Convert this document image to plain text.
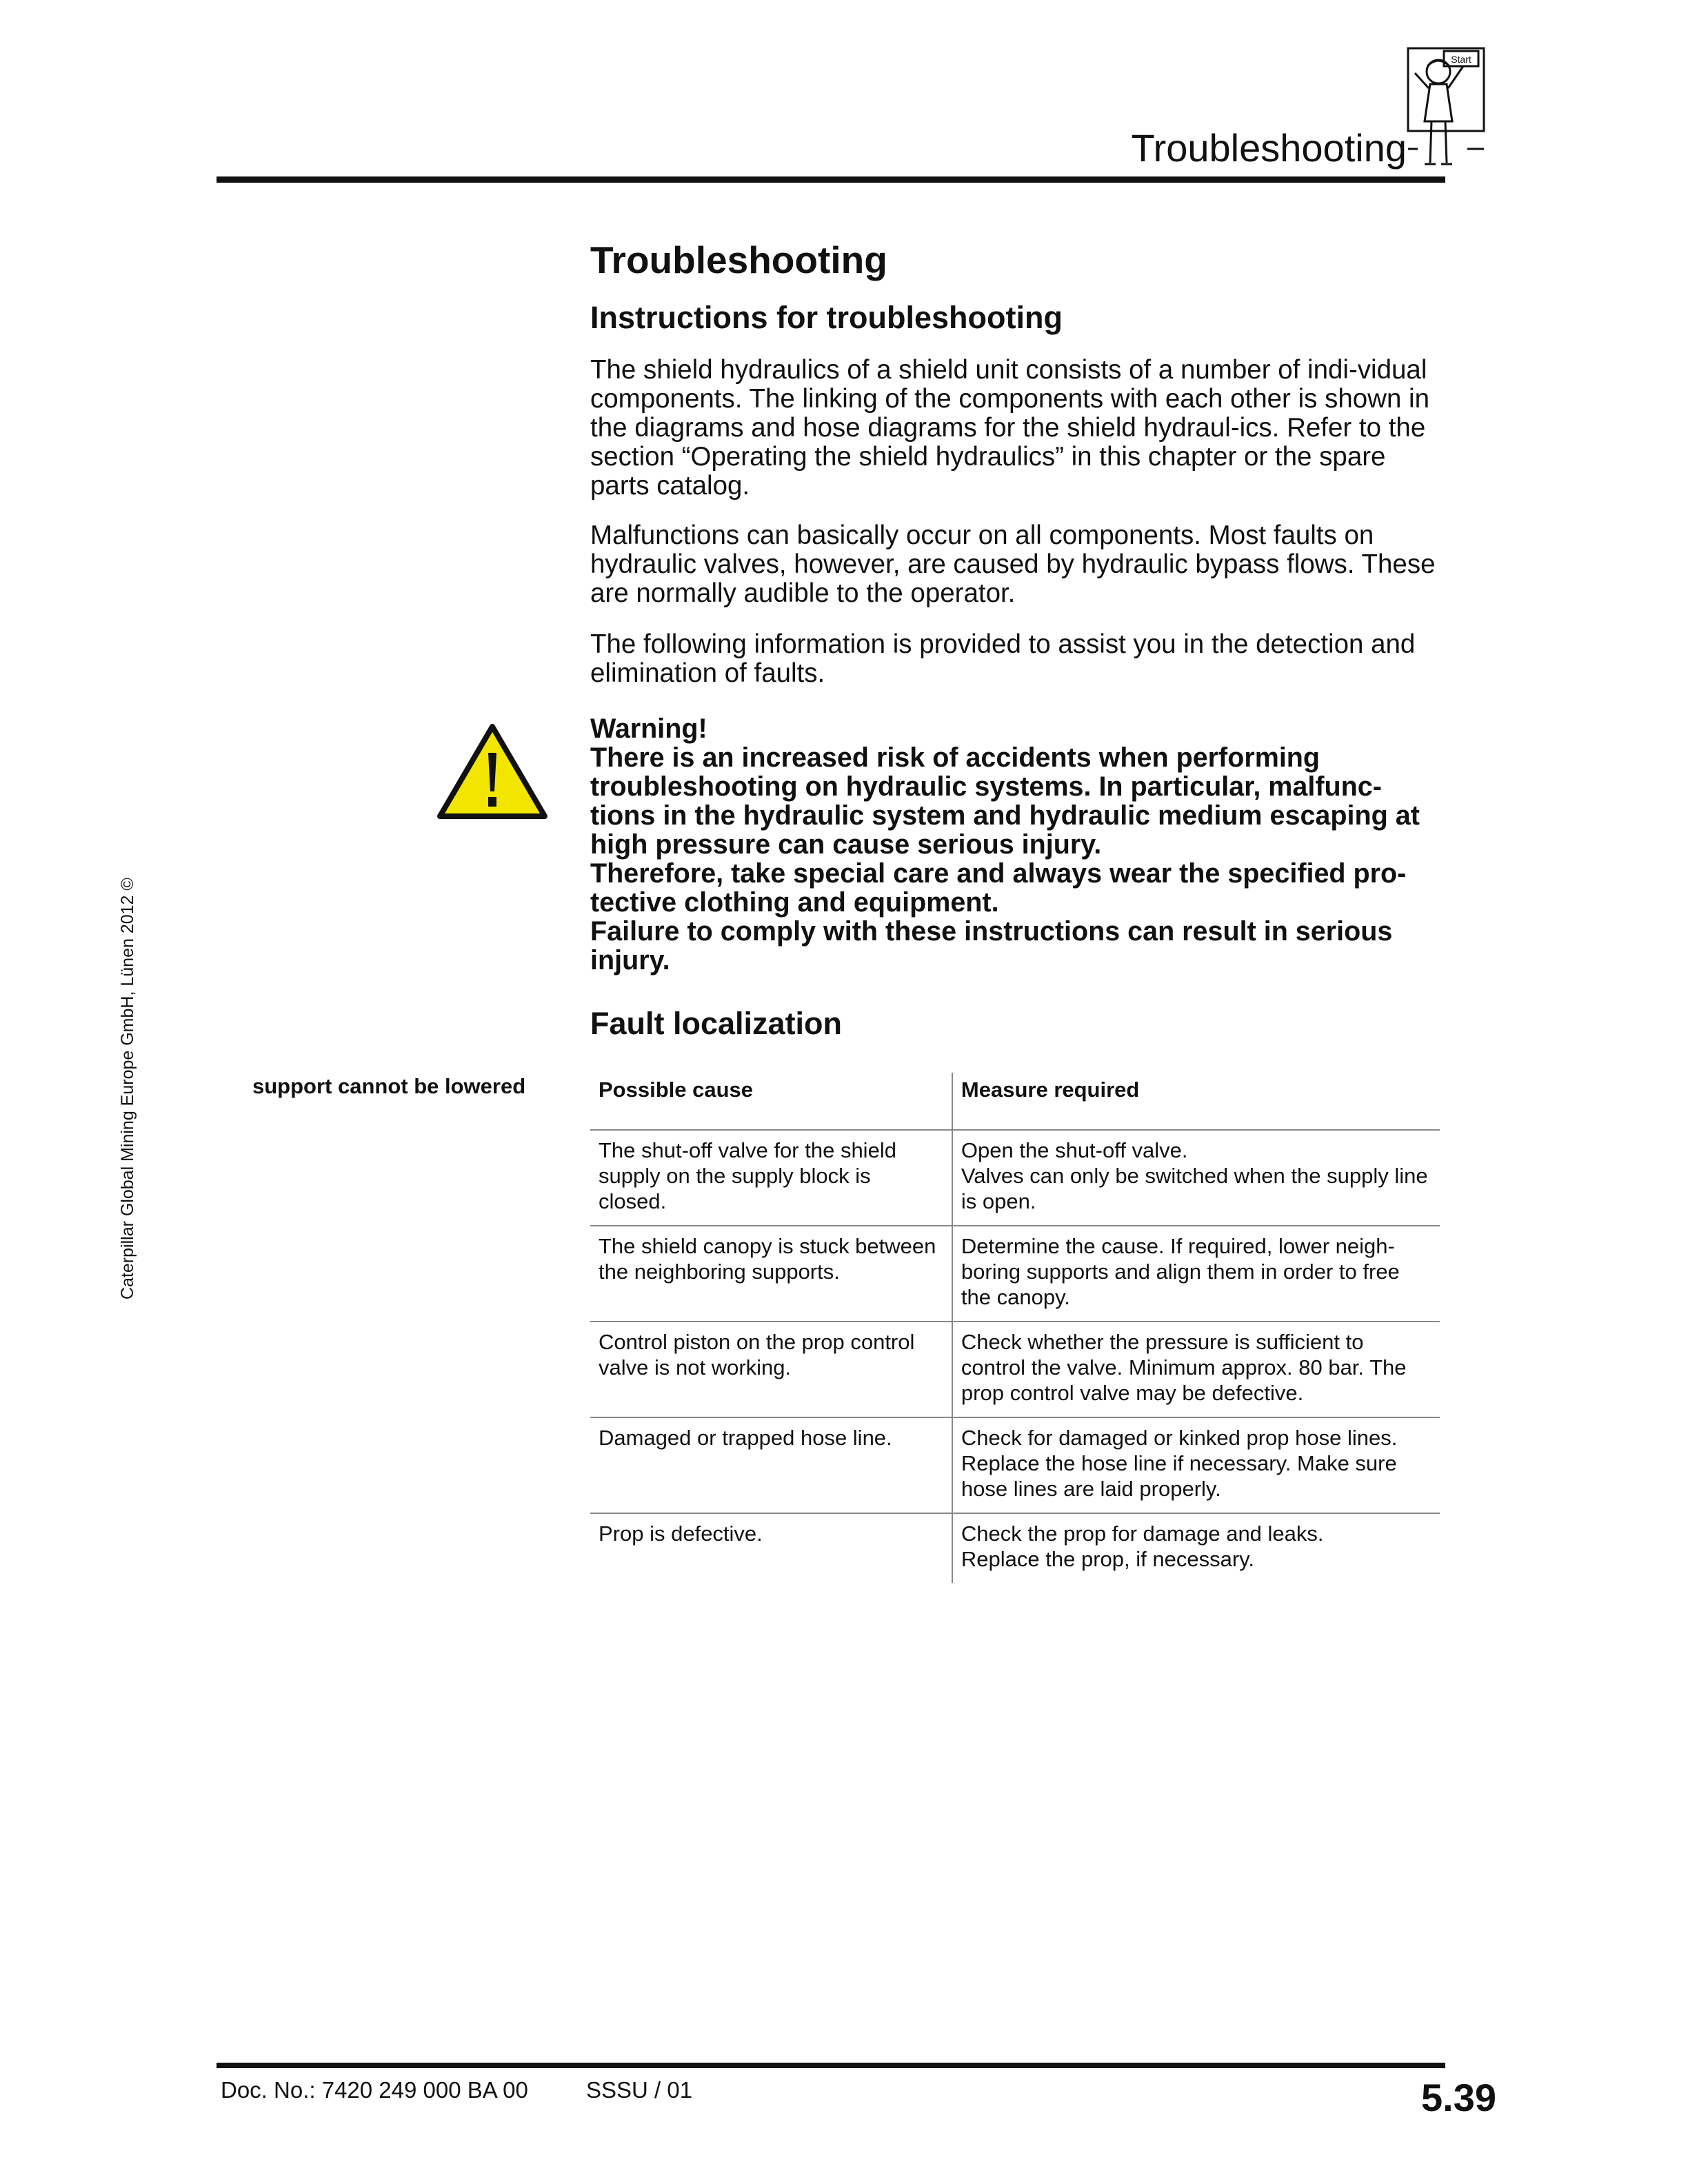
Troubleshooting
Start
Troubleshooting
Instructions for troubleshooting

The shield hydraulics of a shield unit consists of a number of indi-vidual components. The linking of the components with each other is shown in the diagrams and hose diagrams for the shield hydraul-ics. Refer to the section “Operating the shield hydraulics” in this chapter or the spare parts catalog.

Malfunctions can basically occur on all components. Most faults on hydraulic valves, however, are caused by hydraulic bypass flows. These are normally audible to the operator.

The following information is provided to assist you in the detection and elimination of faults.

Warning!

There is an increased risk of accidents when performing troubleshooting on hydraulic systems. In particular, malfunc-tions in the hydraulic system and hydraulic medium escaping at high pressure can cause serious injury.

Therefore, take special care and always wear the specified pro-tective clothing and equipment.

Failure to comply with these instructions can result in serious injury.

Fault localization
support cannot be lowered	Possible cause	Measure required
The shut-off valve for the shield supply on the supply block is closed.	Open the shut-off valve.
Valves can only be switched when the supply line is open.
The shield canopy is stuck between the neighboring supports.	Determine the cause. If required, lower neigh-boring supports and align them in order to free the canopy.
Control piston on the prop control valve is not working.	Check whether the pressure is sufficient to control the valve. Minimum approx. 80 bar. The prop control valve may be defective.
Damaged or trapped hose line.	Check for damaged or kinked prop hose lines. Replace the hose line if necessary. Make sure hose lines are laid properly.
Prop is defective.	Check the prop for damage and leaks.
Replace the prop, if necessary.
Caterpillar Global Mining Europe GmbH, Lünen 2012 ©
Doc. No.: 7420 249 000 BA 00	SSSU / 01	5.39
